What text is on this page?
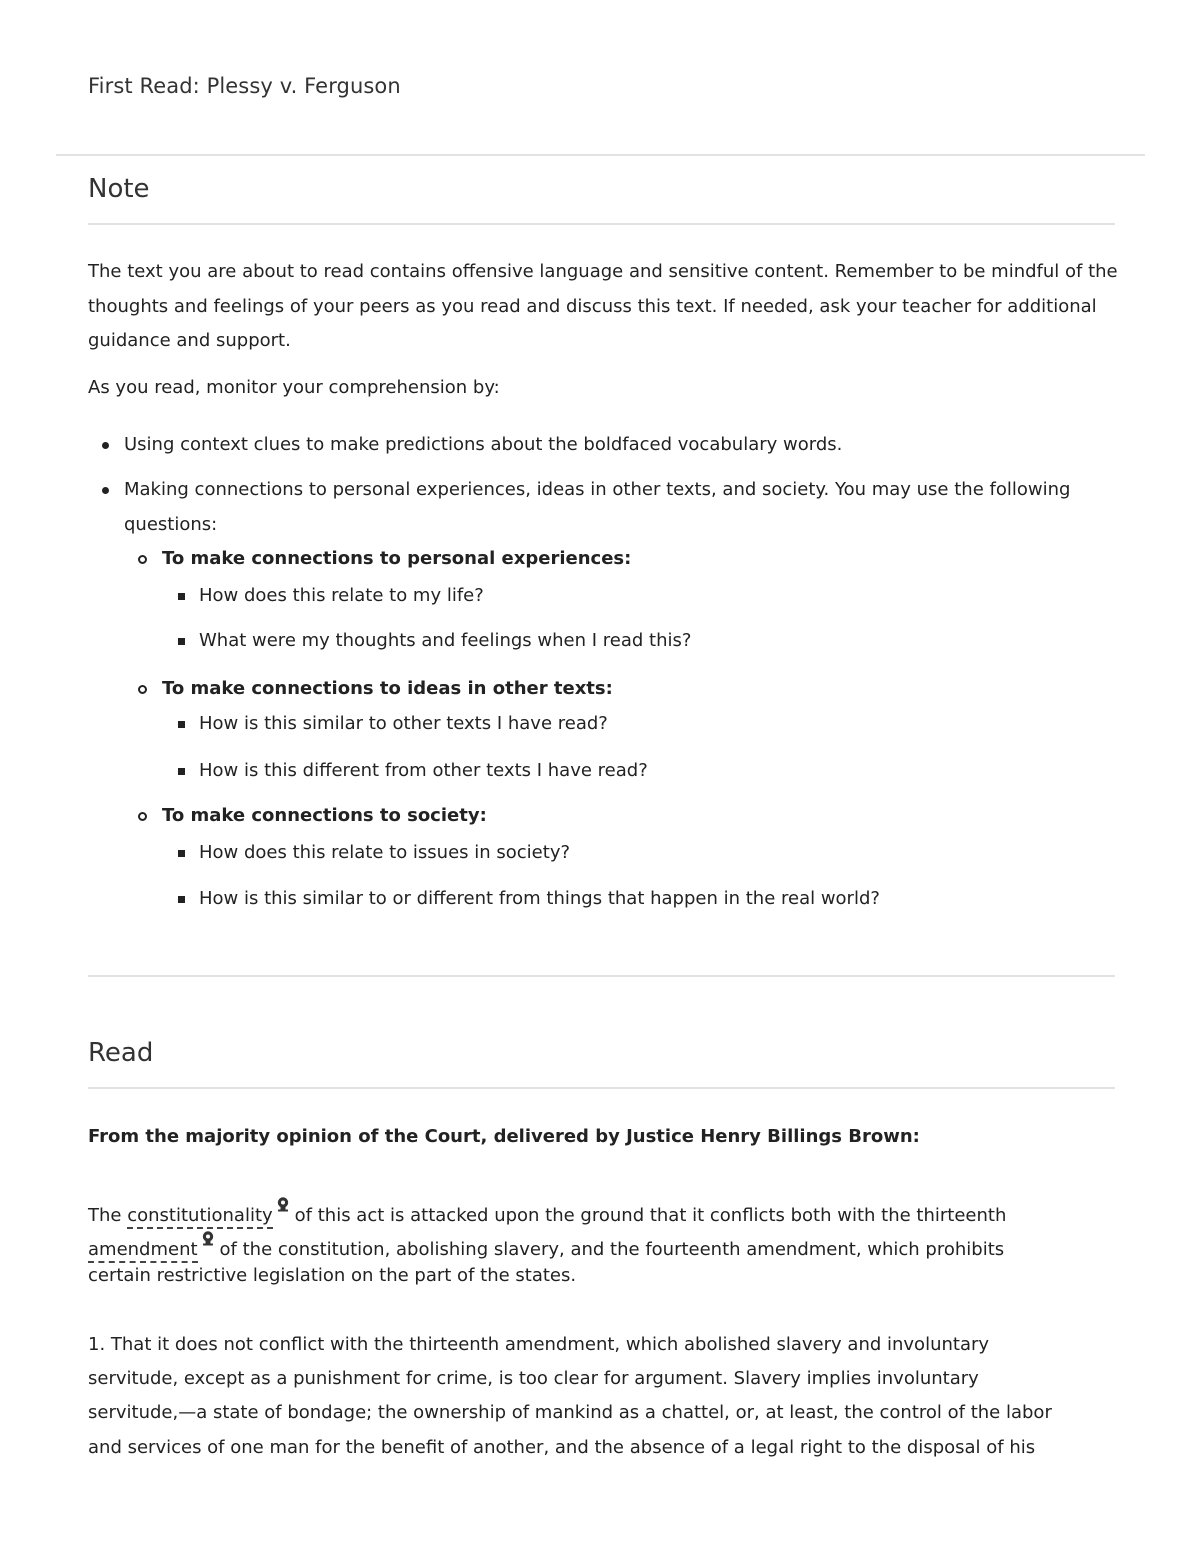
First Read: Plessy v. Ferguson
Note
The text you are about to read contains offensive language and sensitive content. Remember to be mindful of the thoughts and feelings of your peers as you read and discuss this text. If needed, ask your teacher for additional guidance and support.
As you read, monitor your comprehension by:
Using context clues to make predictions about the boldfaced vocabulary words.
Making connections to personal experiences, ideas in other texts, and society. You may use the following
questions:
To make connections to personal experiences:
How does this relate to my life?
What were my thoughts and feelings when I read this?
To make connections to ideas in other texts:
How is this similar to other texts I have read?
How is this different from other texts I have read?
To make connections to society:
How does this relate to issues in society?
How is this similar to or different from things that happen in the real world?
Read
From the majority opinion of the Court, delivered by Justice Henry Billings Brown:
The constitutionality of this act is attacked upon the ground that it conflicts both with the thirteenth
amendment of the constitution, abolishing slavery, and the fourteenth amendment, which prohibits
certain restrictive legislation on the part of the states.
1. That it does not conflict with the thirteenth amendment, which abolished slavery and involuntary
servitude, except as a punishment for crime, is too clear for argument. Slavery implies involuntary
servitude,—a state of bondage; the ownership of mankind as a chattel, or, at least, the control of the labor
and services of one man for the benefit of another, and the absence of a legal right to the disposal of his
